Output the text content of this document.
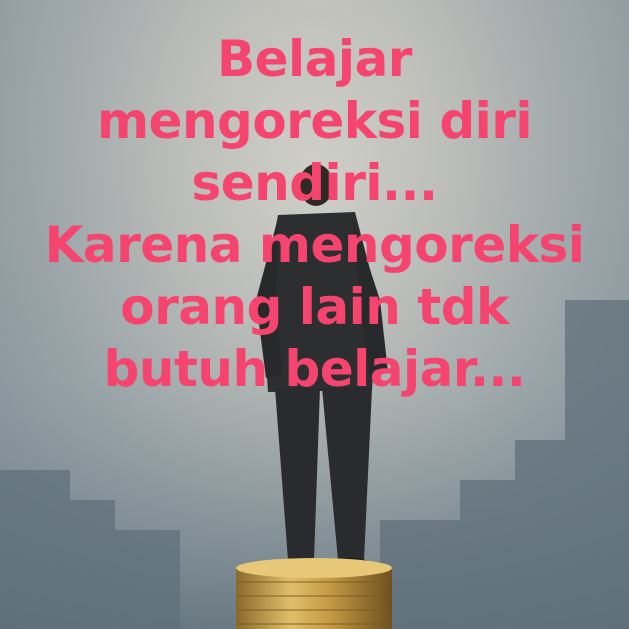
Belajar
mengoreksi diri
sendiri...
Karena mengoreksi
orang lain tdk
butuh belajar...
